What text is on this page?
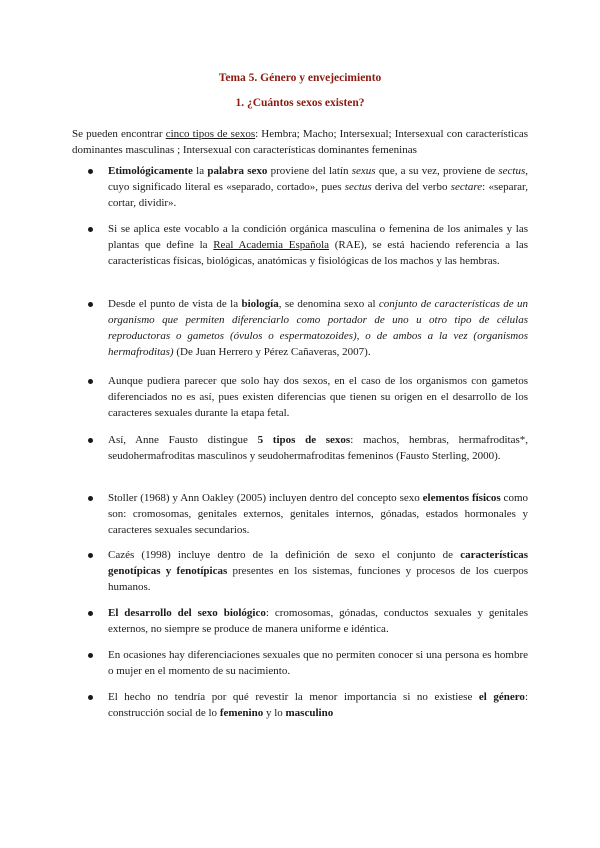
Tema 5. Género y envejecimiento
1. ¿Cuántos sexos existen?

Se pueden encontrar cinco tipos de sexos: Hembra; Macho; Intersexual; Intersexual con características dominantes masculinas ; Intersexual con características dominantes femeninas

Etimológicamente la palabra sexo proviene del latín sexus que, a su vez, proviene de sectus, cuyo significado literal es «separado, cortado», pues sectus deriva del verbo sectare: «separar, cortar, dividir».
Si se aplica este vocablo a la condición orgánica masculina o femenina de los animales y las plantas que define la Real Academia Española (RAE), se está haciendo referencia a las características físicas, biológicas, anatómicas y fisiológicas de los machos y las hembras.
Desde el punto de vista de la biología, se denomina sexo al conjunto de características de un organismo que permiten diferenciarlo como portador de uno u otro tipo de células reproductoras o gametos (óvulos o espermatozoides), o de ambos a la vez (organismos hermafroditas) (De Juan Herrero y Pérez Cañaveras, 2007).
Aunque pudiera parecer que solo hay dos sexos, en el caso de los organismos con gametos diferenciados no es así, pues existen diferencias que tienen su origen en el desarrollo de los caracteres sexuales durante la etapa fetal.
Así, Anne Fausto distingue 5 tipos de sexos: machos, hembras, hermafroditas*, seudohermafroditas masculinos y seudohermafroditas femeninos (Fausto Sterling, 2000).
Stoller (1968) y Ann Oakley (2005) incluyen dentro del concepto sexo elementos físicos como son: cromosomas, genitales externos, genitales internos, gónadas, estados hormonales y caracteres sexuales secundarios.
Cazés (1998) incluye dentro de la definición de sexo el conjunto de características genotípicas y fenotípicas presentes en los sistemas, funciones y procesos de los cuerpos humanos.
El desarrollo del sexo biológico: cromosomas, gónadas, conductos sexuales y genitales externos, no siempre se produce de manera uniforme e idéntica.
En ocasiones hay diferenciaciones sexuales que no permiten conocer si una persona es hombre o mujer en el momento de su nacimiento.
El hecho no tendría por qué revestir la menor importancia si no existiese el género: construcción social de lo femenino y lo masculino
